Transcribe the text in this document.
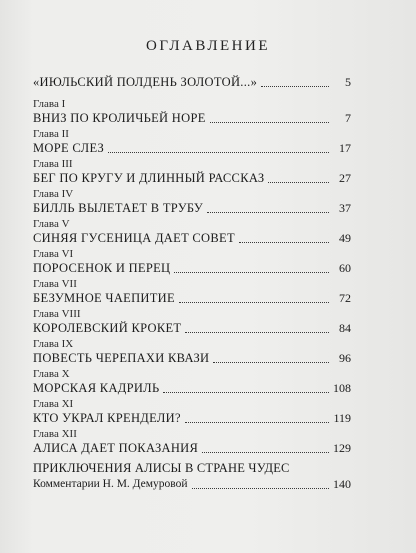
ОГЛАВЛЕНИЕ
«ИЮЛЬСКИЙ ПОЛДЕНЬ ЗОЛОТОЙ...»	5
Глава I
ВНИЗ ПО КРОЛИЧЬЕЙ НОРЕ	7
Глава II
МОРЕ СЛЕЗ	17
Глава III
БЕГ ПО КРУГУ И ДЛИННЫЙ РАССКАЗ	27
Глава IV
БИЛЛЬ ВЫЛЕТАЕТ В ТРУБУ	37
Глава V
СИНЯЯ ГУСЕНИЦА ДАЕТ СОВЕТ	49
Глава VI
ПОРОСЕНОК И ПЕРЕЦ	60
Глава VII
БЕЗУМНОЕ ЧАЕПИТИЕ	72
Глава VIII
КОРОЛЕВСКИЙ КРОКЕТ	84
Глава IX
ПОВЕСТЬ ЧЕРЕПАХИ КВАЗИ	96
Глава X
МОРСКАЯ КАДРИЛЬ	108
Глава XI
КТО УКРАЛ КРЕНДЕЛИ?	119
Глава XII
АЛИСА ДАЕТ ПОКАЗАНИЯ	129
ПРИКЛЮЧЕНИЯ АЛИСЫ В СТРАНЕ ЧУДЕС
Комментарии Н. М. Демуровой	140
